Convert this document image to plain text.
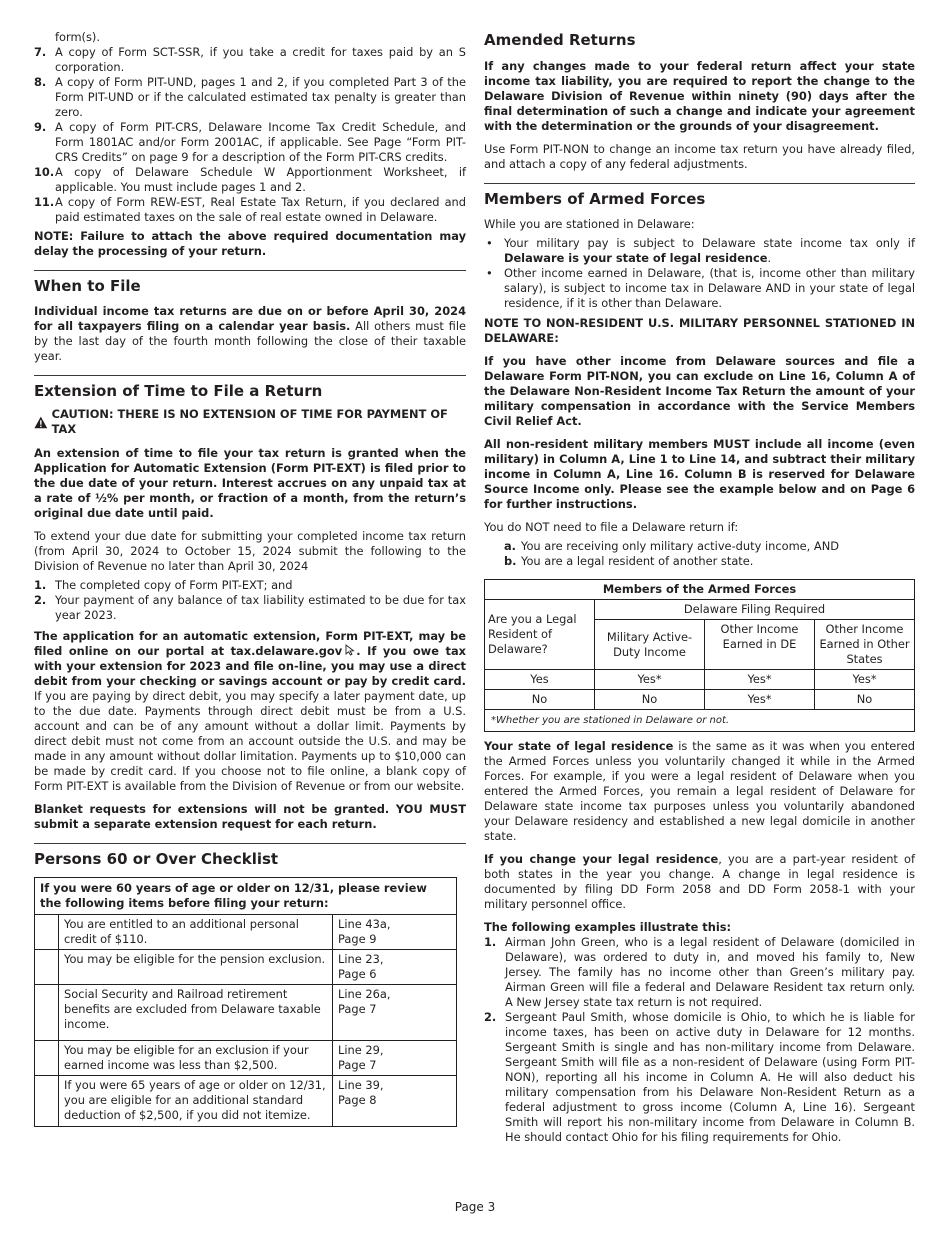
form(s).
7. A copy of Form SCT-SSR, if you take a credit for taxes paid by an S corporation.
8. A copy of Form PIT-UND, pages 1 and 2, if you completed Part 3 of the Form PIT-UND or if the calculated estimated tax penalty is greater than zero.
9. A copy of Form PIT-CRS, Delaware Income Tax Credit Schedule, and Form 1801AC and/or Form 2001AC, if applicable. See Page “Form PIT-CRS Credits” on page 9 for a description of the Form PIT-CRS credits.
10. A copy of Delaware Schedule W Apportionment Worksheet, if applicable. You must include pages 1 and 2.
11. A copy of Form REW-EST, Real Estate Tax Return, if you declared and paid estimated taxes on the sale of real estate owned in Delaware.

NOTE: Failure to attach the above required documentation may delay the processing of your return.

When to File

Individual income tax returns are due on or before April 30, 2024 for all taxpayers filing on a calendar year basis. All others must file by the last day of the fourth month following the close of their taxable year.

Extension of Time to File a Return
CAUTION: THERE IS NO EXTENSION OF TIME FOR PAYMENT OF TAX

An extension of time to file your tax return is granted when the Application for Automatic Extension (Form PIT-EXT) is filed prior to the due date of your return. Interest accrues on any unpaid tax at a rate of ½% per month, or fraction of a month, from the return’s original due date until paid.

To extend your due date for submitting your completed income tax return (from April 30, 2024 to October 15, 2024 submit the following to the Division of Revenue no later than April 30, 2024

1. The completed copy of Form PIT-EXT; and
2. Your payment of any balance of tax liability estimated to be due for tax year 2023.

The application for an automatic extension, Form PIT-EXT, may be filed online on our portal at tax.delaware.gov . If you owe tax with your extension for 2023 and file on-line, you may use a direct debit from your checking or savings account or pay by credit card. If you are paying by direct debit, you may specify a later payment date, up to the due date. Payments through direct debit must be from a U.S. account and can be of any amount without a dollar limit. Payments by direct debit must not come from an account outside the U.S. and may be made in any amount without dollar limitation. Payments up to $10,000 can be made by credit card. If you choose not to file online, a blank copy of Form PIT-EXT is available from the Division of Revenue or from our website.

Blanket requests for extensions will not be granted. YOU MUST submit a separate extension request for each return.

Persons 60 or Over Checklist
If you were 60 years of age or older on 12/31, please review the following items before filing your return:		
	You are entitled to an additional personal credit of $110.	Line 43a,
Page 9
	You may be eligible for the pension exclusion.	Line 23,
Page 6
	Social Security and Railroad retirement benefits are excluded from Delaware taxable income.	Line 26a,
Page 7
	You may be eligible for an exclusion if your earned income was less than $2,500.	Line 29,
Page 7
	If you were 65 years of age or older on 12/31, you are eligible for an additional standard deduction of $2,500, if you did not itemize.	Line 39,
Page 8
Amended Returns

If any changes made to your federal return affect your state income tax liability, you are required to report the change to the Delaware Division of Revenue within ninety (90) days after the final determination of such a change and indicate your agreement with the determination or the grounds of your disagreement.

Use Form PIT-NON to change an income tax return you have already filed, and attach a copy of any federal adjustments.

Members of Armed Forces

While you are stationed in Delaware:

• Your military pay is subject to Delaware state income tax only if Delaware is your state of legal residence.
• Other income earned in Delaware, (that is, income other than military salary), is subject to income tax in Delaware AND in your state of legal residence, if it is other than Delaware.

NOTE TO NON-RESIDENT U.S. MILITARY PERSONNEL STATIONED IN DELAWARE:

If you have other income from Delaware sources and file a Delaware Form PIT-NON, you can exclude on Line 16, Column A of the Delaware Non-Resident Income Tax Return the amount of your military compensation in accordance with the Service Members Civil Relief Act.

All non-resident military members MUST include all income (even military) in Column A, Line 1 to Line 14, and subtract their military income in Column A, Line 16. Column B is reserved for Delaware Source Income only. Please see the example below and on Page 6 for further instructions.

You do NOT need to file a Delaware return if:

a. You are receiving only military active-duty income, AND
b. You are a legal resident of another state.
Members of the Armed Forces			
Are you a Legal Resident of Delaware?	Delaware Filing Required		
	Military Active-Duty Income	Other Income Earned in DE	Other Income Earned in Other States
Yes	Yes*	Yes*	Yes*
No	No	Yes*	No
*Whether you are stationed in Delaware or not.			

Your state of legal residence is the same as it was when you entered the Armed Forces unless you voluntarily changed it while in the Armed Forces. For example, if you were a legal resident of Delaware when you entered the Armed Forces, you remain a legal resident of Delaware for Delaware state income tax purposes unless you voluntarily abandoned your Delaware residency and established a new legal domicile in another state.

If you change your legal residence, you are a part-year resident of both states in the year you change. A change in legal residence is documented by filing DD Form 2058 and DD Form 2058-1 with your military personnel office.

The following examples illustrate this:

1. Airman John Green, who is a legal resident of Delaware (domiciled in Delaware), was ordered to duty in, and moved his family to, New Jersey. The family has no income other than Green’s military pay. Airman Green will file a federal and Delaware Resident tax return only. A New Jersey state tax return is not required.
2. Sergeant Paul Smith, whose domicile is Ohio, to which he is liable for income taxes, has been on active duty in Delaware for 12 months. Sergeant Smith is single and has non-military income from Delaware. Sergeant Smith will file as a non-resident of Delaware (using Form PIT-NON), reporting all his income in Column A. He will also deduct his military compensation from his Delaware Non-Resident Return as a federal adjustment to gross income (Column A, Line 16). Sergeant Smith will report his non-military income from Delaware in Column B. He should contact Ohio for his filing requirements for Ohio.
Page 3
